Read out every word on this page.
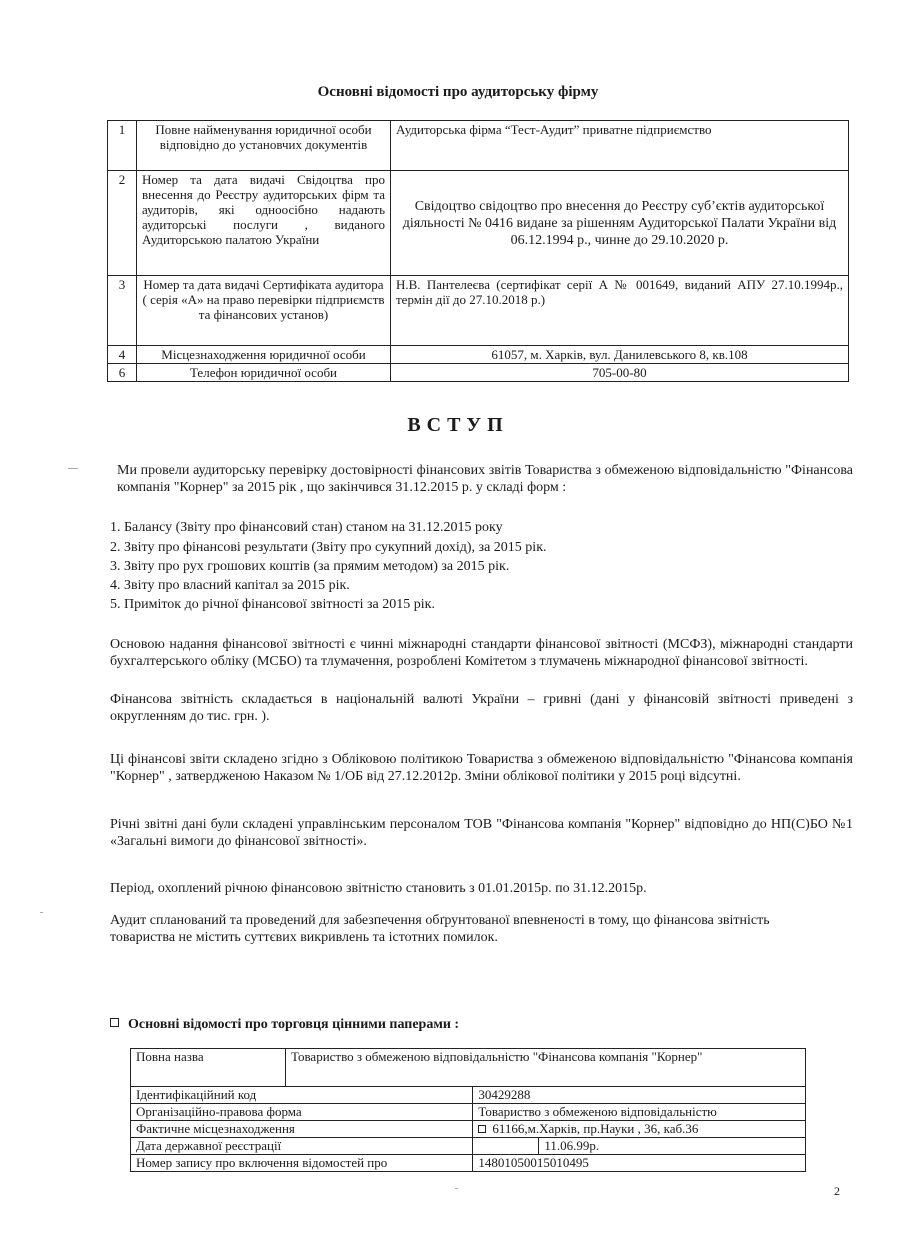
Основні відомості про аудиторську фірму
1	Повне найменування юридичної особи відповідно до установчих документів	Аудиторська фірма “Тест-Аудит” приватне підприємство
2	Номер та дата видачі Свідоцтва про внесення до Реєстру аудиторських фірм та аудиторів, які одноосібно надають аудиторські послуги , виданого Аудиторською палатою України	Свідоцтво свідоцтво про внесення до Реєстру суб’єктів аудиторської діяльності № 0416 видане за рішенням Аудиторської Палати України від 06.12.1994 р., чинне до 29.10.2020 р.
3	Номер та дата видачі Сертифіката аудитора ( серія «А» на право перевірки підприємств та фінансових установ)	Н.В. Пантелеєва (сертифікат серії А № 001649, виданий АПУ 27.10.1994р., термін дії до 27.10.2018 р.)
4	Місцезнаходження юридичної особи	61057, м. Харків, вул. Данилевського 8, кв.108
6	Телефон юридичної особи	705-00-80
ВСТУП

Ми провели аудиторську перевірку достовірності фінансових звітів Товариства з обмеженою відповідальністю "Фінансова компанія "Корнер" за 2015 рік , що закінчився 31.12.2015 р. у складі форм :

1. Балансу (Звіту про фінансовий стан) станом на 31.12.2015 року

2. Звіту про фінансові результати (Звіту про сукупний дохід), за 2015 рік.

3. Звіту про рух грошових коштів (за прямим методом) за 2015 рік.

4. Звіту про власний капітал за 2015 рік.

5. Приміток до річної фінансової звітності за 2015 рік.

Основою надання фінансової звітності є чинні міжнародні стандарти фінансової звітності (МСФЗ), міжнародні стандарти бухгалтерського обліку (МСБО) та тлумачення, розроблені Комітетом з тлумачень міжнародної фінансової звітності.

Фінансова звітність складається в національній валюті України – гривні (дані у фінансовій звітності приведені з округленням до тис. грн. ).

Ці фінансові звіти складено згідно з Обліковою політикою Товариства з обмеженою відповідальністю "Фінансова компанія "Корнер" , затвердженою Наказом № 1/ОБ від 27.12.2012р. Зміни облікової політики у 2015 році відсутні.

Річні звітні дані були складені управлінським персоналом ТОВ "Фінансова компанія "Корнер" відповідно до НП(С)БО №1 «Загальні вимоги до фінансової звітності».

Період, охоплений річною фінансовою звітністю становить з 01.01.2015р. по 31.12.2015р.

Аудит спланований та проведений для забезпечення обґрунтованої впевненості в тому, що фінансова звітність товариства не містить суттєвих викривлень та істотних помилок.

Основні відомості про торговця цінними паперами :
Повна назва	Товариство з обмеженою відповідальністю "Фінансова компанія "Корнер"		
Ідентифікаційний код		30429288	
Організаційно-правова форма		Товариство з обмеженою відповідальністю	
Фактичне місцезнаходження		61166,м.Харків, пр.Науки , 36, каб.36	
Дата державної реєстрації			11.06.99р.
Номер запису про включення відомостей про		14801050015010495	
2
